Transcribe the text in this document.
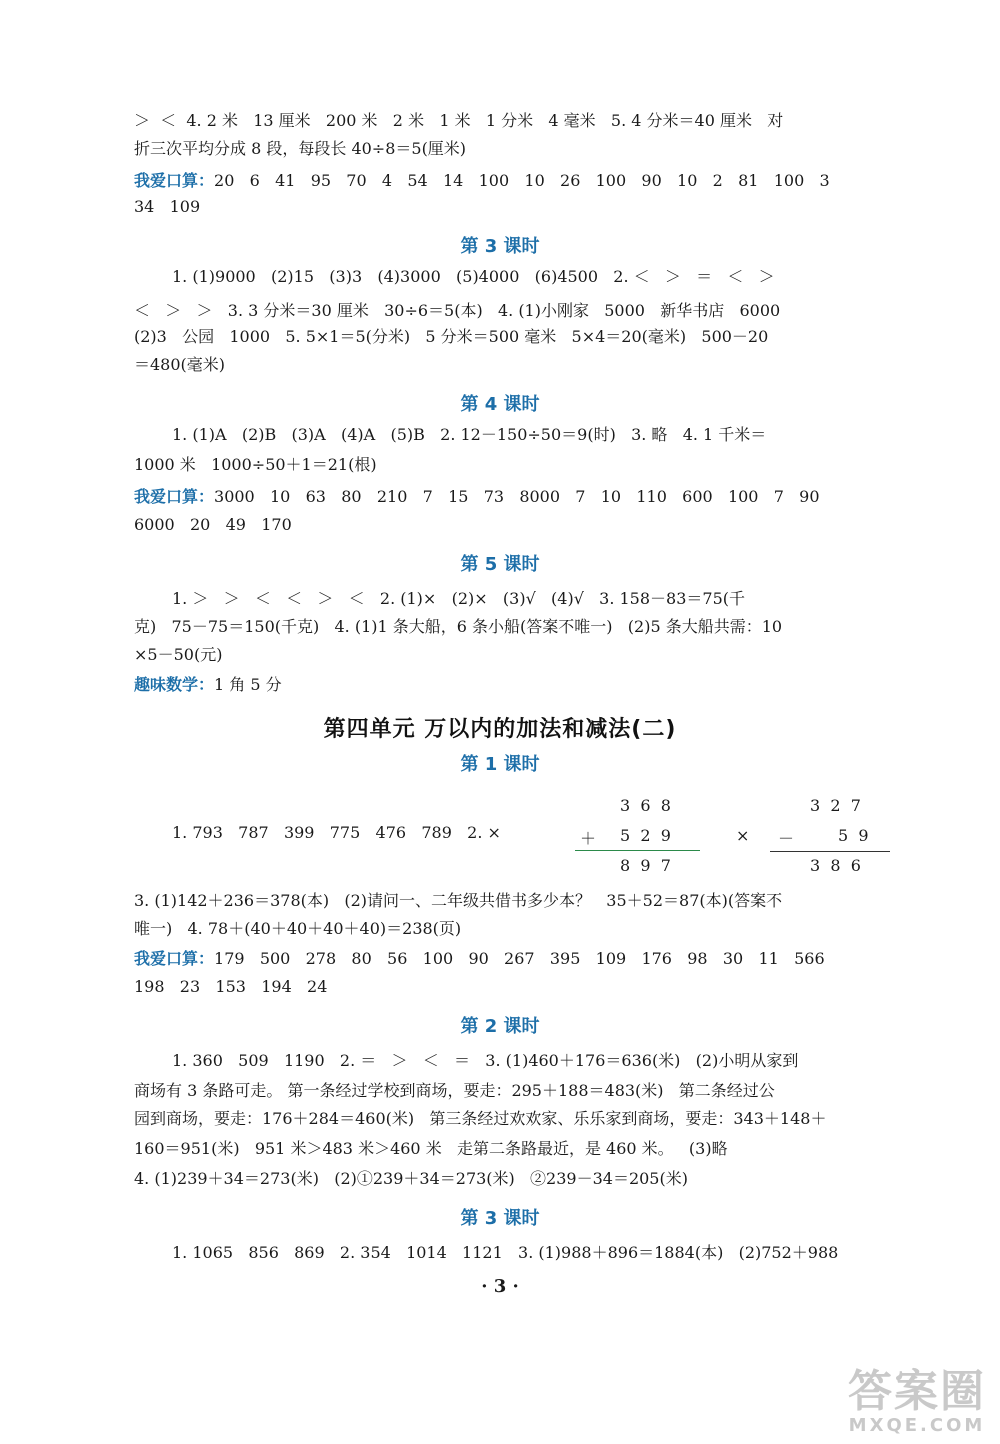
＞  ＜  4. 2 米   13 厘米   200 米   2 米   1 米   1 分米   4 毫米   5. 4 分米＝40 厘米   对
折三次平均分成 8 段，每段长 40÷8＝5(厘米)
我爱口算：20   6   41   95   70   4   54   14   100   10   26   100   90   10   2   81   100   3
34   109
第 3 课时
1. (1)9000   (2)15   (3)3   (4)3000   (5)4000   (6)4500   2. ＜   ＞   ＝   ＜   ＞
＜   ＞   ＞   3. 3 分米＝30 厘米   30÷6＝5(本)   4. (1)小刚家   5000   新华书店   6000
(2)3   公园   1000   5. 5×1＝5(分米)   5 分米＝500 毫米   5×4＝20(毫米)   500－20
＝480(毫米)
第 4 课时
1. (1)A   (2)B   (3)A   (4)A   (5)B   2. 12－150÷50＝9(时)   3. 略   4. 1 千米＝
1000 米   1000÷50＋1＝21(根)
我爱口算：3000   10   63   80   210   7   15   73   8000   7   10   110   600   100   7   90
6000   20   49   170
第 5 课时
1. ＞   ＞   ＜   ＜   ＞   ＜   2. (1)×   (2)×   (3)√   (4)√   3. 158－83＝75(千
克)   75－75＝150(千克)   4. (1)1 条大船，6 条小船(答案不唯一)   (2)5 条大船共需：10
×5－50(元)
趣味数学：1 角 5 分
第四单元 万以内的加法和减法(二)
第 1 课时
1. 793   787   399   775   476   789   2. ×
3  6  8
＋ 5  2  9
8  9  7
×
3  2  7
－	5  9
3  8  6
3. (1)142＋236＝378(本)   (2)请问一、二年级共借书多少本？   35＋52＝87(本)(答案不
唯一)   4. 78＋(40＋40＋40＋40)＝238(页)
我爱口算：179   500   278   80   56   100   90   267   395   109   176   98   30   11   566
198   23   153   194   24
第 2 课时
1. 360   509   1190   2. ＝   ＞   ＜   ＝   3. (1)460＋176＝636(米)   (2)小明从家到
商场有 3 条路可走。 第一条经过学校到商场，要走：295＋188＝483(米)   第二条经过公
园到商场，要走：176＋284＝460(米)   第三条经过欢欢家、乐乐家到商场，要走：343＋148＋
160＝951(米)   951 米＞483 米＞460 米   走第二条路最近，是 460 米。   (3)略
4. (1)239＋34＝273(米)   (2)①239＋34＝273(米)   ②239－34＝205(米)
第 3 课时
1. 1065   856   869   2. 354   1014   1121   3. (1)988＋896＝1884(本)   (2)752＋988
· 3 ·
答案圈
MXQE.COM
